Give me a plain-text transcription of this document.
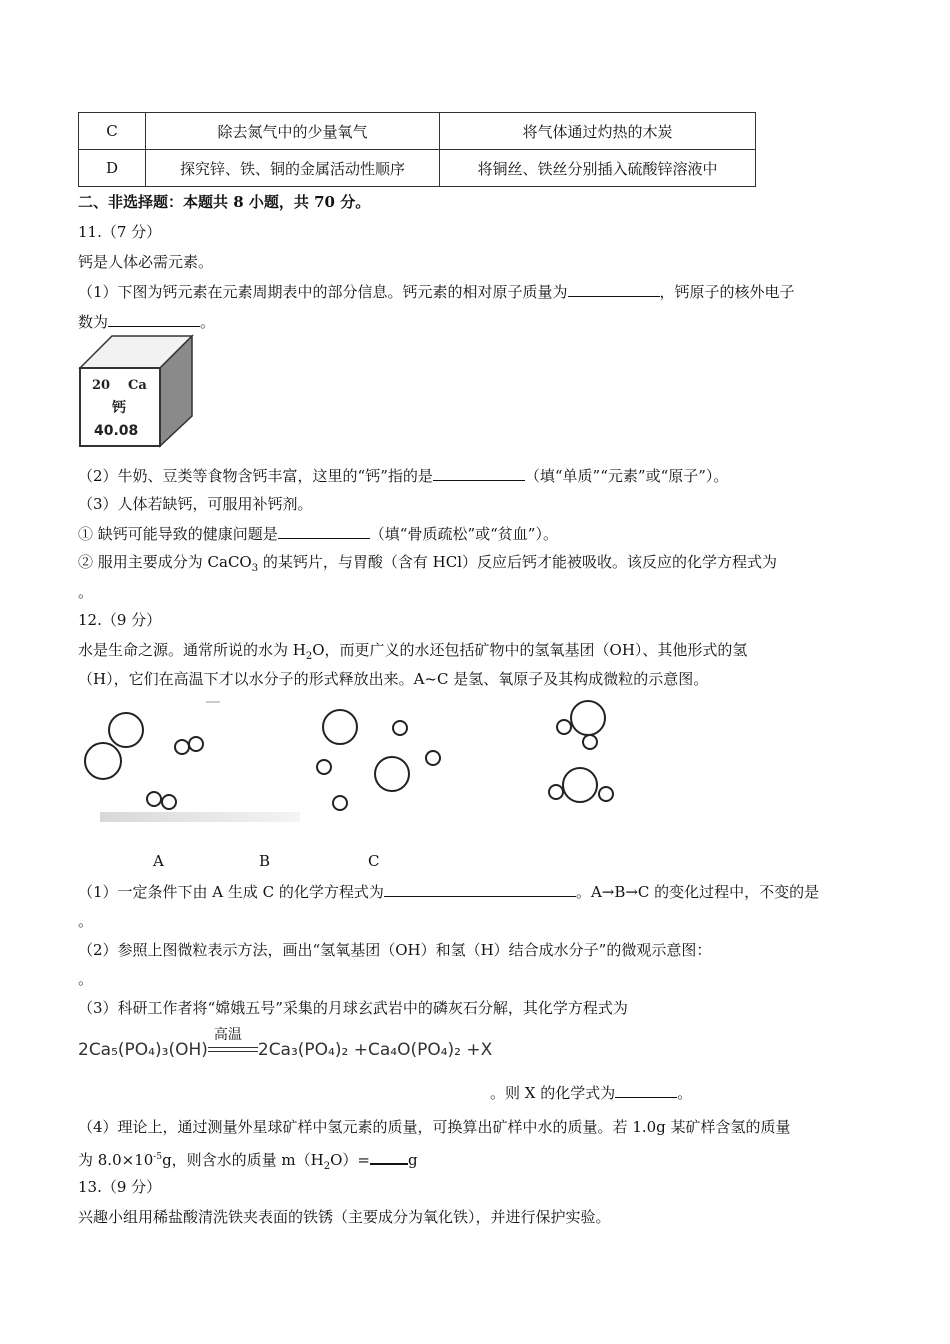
C	除去氮气中的少量氧气	将气体通过灼热的木炭
D	探究锌、铁、铜的金属活动性顺序	将铜丝、铁丝分别插入硫酸锌溶液中
二、非选择题：本题共 8 小题，共 70 分。
11.（7 分）
钙是人体必需元素。
（1）下图为钙元素在元素周期表中的部分信息。钙元素的相对原子质量为	，钙原子的核外电子
数为	。
20 Ca
钙
40.08
（2）牛奶、豆类等食物含钙丰富，这里的“钙”指的是	（填“单质”“元素”或“原子”）。
（3）人体若缺钙，可服用补钙剂。
① 缺钙可能导致的健康问题是	（填“骨质疏松”或“贫血”）。
② 服用主要成分为 CaCO$_3$ 的某钙片，与胃酸（含有 HCl）反应后钙才能被吸收。该反应的化学方程式为
。
12.（9 分）
水是生命之源。通常所说的水为 $H_2O$，而更广义的水还包括矿物中的氢氧基团（OH）、其他形式的氢
（H），它们在高温下才以水分子的形式释放出来。A~C 是氢、氧原子及其构成微粒的示意图。
A	B	C
（1）一定条件下由 A 生成 C 的化学方程式为	。A→B→C 的变化过程中，不变的是
。
（2）参照上图微粒表示方法，画出“氢氧基团（OH）和氢（H）结合成水分子”的微观示意图：
。
（3）科研工作者将“嫦娥五号”采集的月球玄武岩中的磷灰石分解，其化学方程式为
2Ca₅(PO₄)₃(OH)
高温
2Ca₃(PO₄)₂ +Ca₄O(PO₄)₂ +X
。则 X 的化学式为	。
（4）理论上，通过测量外星球矿样中氢元素的质量，可换算出矿样中水的质量。若 1.0g 某矿样含氢的质量
为 $8.0\times 10^{-5}g$，则含水的质量 $m(H_2O)=$	g
13.（9 分）
兴趣小组用稀盐酸清洗铁夹表面的铁锈（主要成分为氧化铁），并进行保护实验。
